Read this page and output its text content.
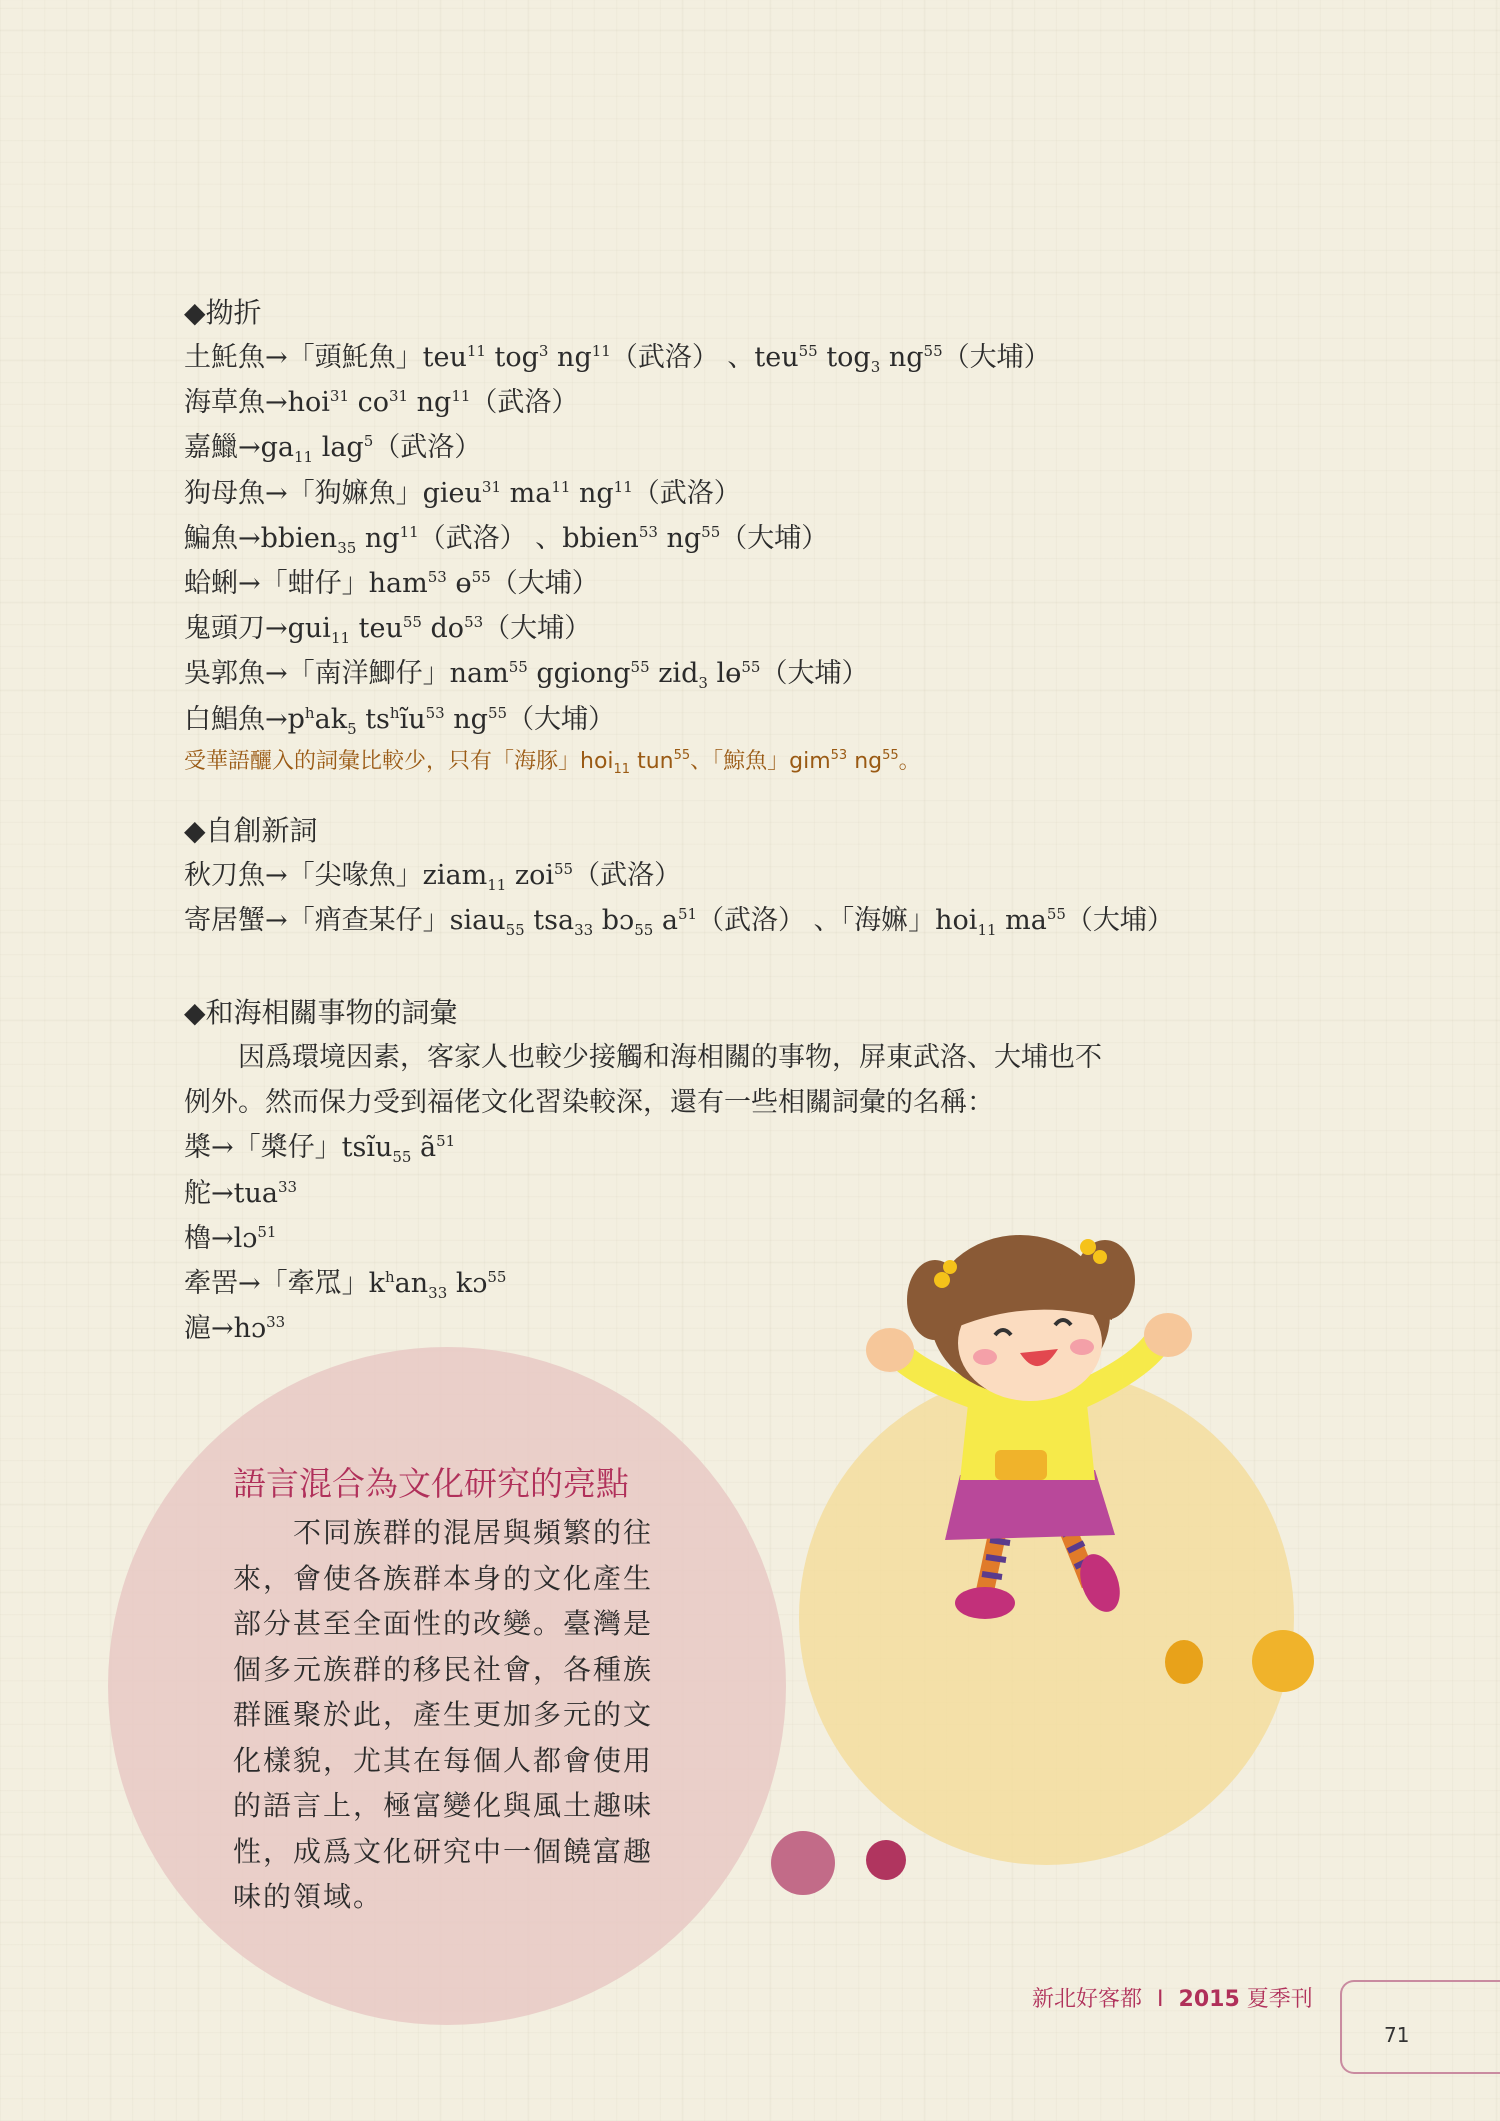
◆拗折
土魠魚→「頭魠魚」teu$^{11}$ tog$^3$ $ng^{11}$（武洛） 、teu$^{55}$ tog$_3$ $ng^{55}$（大埔）
海草魚→hoi$^{31}$ $co^{31}$ $ng^{11}$（武洛）
嘉鱲$\to ga_{11}$ lag$^5$（武洛）
狗母魚→「狗嫲魚」gieu$^{31}$ $ma^{11}$ $ng^{11}$（武洛）
鯿魚→bbien$_{35}$ $ng^{11}$（武洛） 、bbien$^{53}$ $ng^{55}$（大埔）
蛤蜊→「蚶仔」ham$^{53}$ ɵ$^{55}$（大埔）
鬼頭刀→gui$_{11}$ teu$^{55}$ $do^{53}$（大埔）
吳郭魚→「南洋鯽仔」nam$^{55}$ ggiong$^{55}$ zid$_3$ lɵ$^{55}$（大埔）
白鯧魚$\to p^hak_5$ $ts^hĩu^{53}$ $ng^{55}$（大埔）
受華語釃入的詞彙比較少，只有「海豚」hoi$_{11}$ tun$^{55}$、「鯨魚」gim$^{53}$ $ng^{55}$。
◆自創新詞
秋刀魚→「尖喙魚」ziam$_{11}$ zoi$^{55}$（武洛）
寄居蟹→「痟查某仔」siau$_{55}$ tsa$_{33}$ bɔ$_{55}$ $a^{51}$（武洛） 、「海嫲」hoi$_{11}$ $ma^{55}$（大埔）
◆和海相關事物的詞彙
　　因爲環境因素，客家人也較少接觸和海相關的事物，屏東武洛、大埔也不
例外。然而保力受到福佬文化習染較深，還有一些相關詞彙的名稱：
槳→「槳仔」tsĩu$_{55}$ $ã^{51}$
舵→tua$^{33}$
櫓→lɔ$^{51}$
牽罟→「牽罛」$k^han_{33}$ kɔ$^{55}$
滬→hɔ$^{33}$
語言混合為文化研究的亮點
　　不同族群的混居與頻繁的往
來，會使各族群本身的文化產生
部分甚至全面性的改變。臺灣是
個多元族群的移民社會，各種族
群匯聚於此，產生更加多元的文
化樣貌，尤其在每個人都會使用
的語言上，極富變化與風土趣味
性，成爲文化研究中一個饒富趣
味的領域。
新北好客都 I 2015 夏季刊
71
